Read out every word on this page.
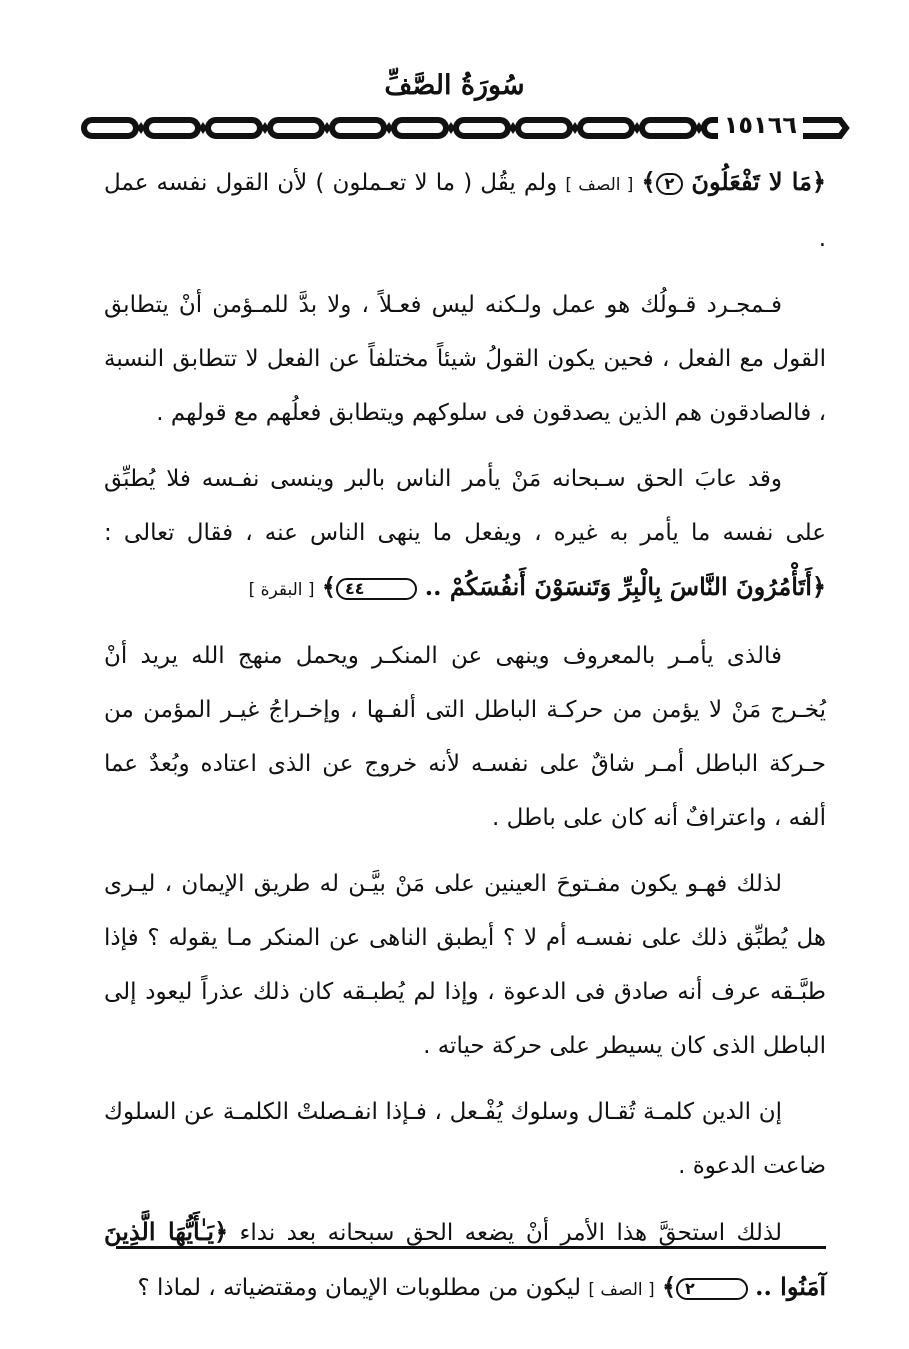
سُورَةُ الصَّفِّ
١٥١٦٦

﴿مَا لا تَفْعَلُونَ ٢﴾ [ الصف ] ولم يقُل ( ما لا تعـملون ) لأن القول نفسه عمل .

فـمجـرد قـولُك هو عمل ولـكنه ليس فعـلاً ، ولا بدَّ للمـؤمن أنْ يتطابق القول مع الفعل ، فحين يكون القولُ شيئاً مختلفاً عن الفعل لا تتطابق النسبة ، فالصادقون هم الذين يصدقون فى سلوكهم ويتطابق فعلُهم مع قولهم .

وقد عابَ الحق سـبحانه مَنْ يأمر الناس بالبر وينسى نفـسه فلا يُطبِّق على نفسه ما يأمر به غيره ، ويفعل ما ينهى الناس عنه ، فقال تعالى : ﴿أَتَأْمُرُونَ النَّاسَ بِالْبِرِّ وَتَنسَوْنَ أَنفُسَكُمْ .. ٤٤﴾ [ البقرة ]

فالذى يأمـر بالمعروف وينهى عن المنكـر ويحمل منهج الله يريد أنْ يُخـرج مَنْ لا يؤمن من حركـة الباطل التى ألفـها ، وإخـراجُ غيـر المؤمن من حـركة الباطل أمـر شاقٌ على نفسـه لأنه خروج عن الذى اعتاده وبُعدٌ عما ألفه ، واعترافٌ أنه كان على باطل .

لذلك فهـو يكون مفـتوحَ العينين على مَنْ بيَّـن له طريق الإيمان ، ليـرى هل يُطبِّق ذلك على نفسـه أم لا ؟ أيطبق الناهى عن المنكر مـا يقوله ؟ فإذا طبَّـقه عرف أنه صادق فى الدعوة ، وإذا لم يُطبـقه كان ذلك عذراً ليعود إلى الباطل الذى كان يسيطر على حركة حياته .

إن الدين كلمـة تُقـال وسلوك يُفْـعل ، فـإذا انفـصلتْ الكلمـة عن السلوك ضاعت الدعوة .

لذلك استحقَّ هذا الأمر أنْ يضعه الحق سبحانه بعد نداء ﴿يَـٰأَيُّهَا الَّذِينَ آمَنُوا .. ٢﴾ [ الصف ] ليكون من مطلوبات الإيمان ومقتضياته ، لماذا ؟
